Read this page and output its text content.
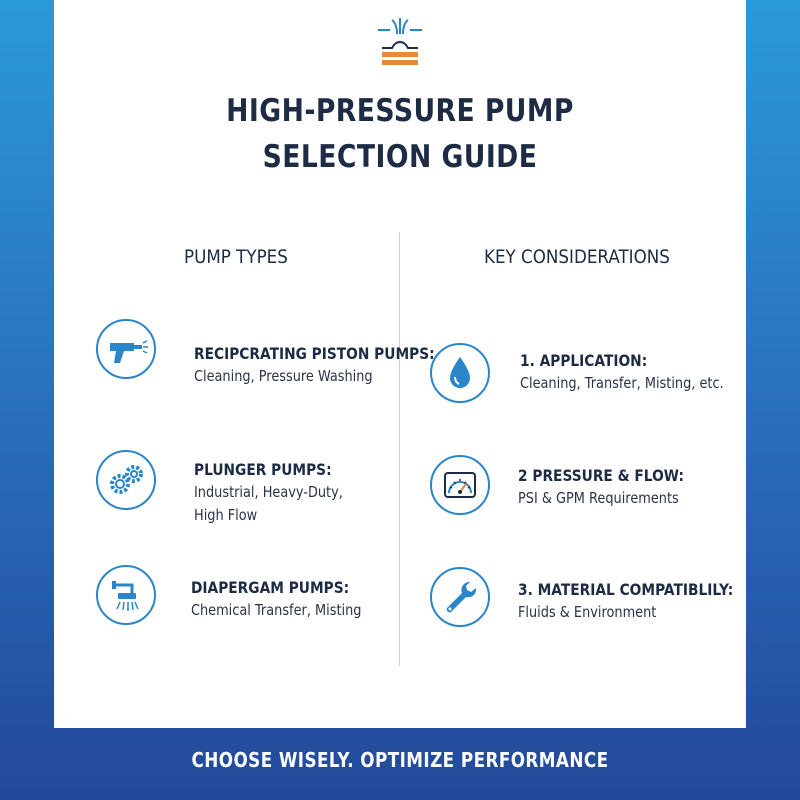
HIGH-PRESSURE PUMP
SELECTION GUIDE
PUMP TYPES	KEY CONSIDERATIONS
RECIPCRATING PISTON PUMPS:
Cleaning, Pressure Washing
PLUNGER PUMPS:
Industrial, Heavy-Duty,
High Flow
DIAPERGAM PUMPS:
Chemical Transfer, Misting
1. APPLICATION:
Cleaning, Transfer, Misting, etc.
2 PRESSURE & FLOW:
PSI & GPM Requirements
3. MATERIAL COMPATIBLILY:
Fluids & Environment
CHOOSE WISELY. OPTIMIZE PERFORMANCE
